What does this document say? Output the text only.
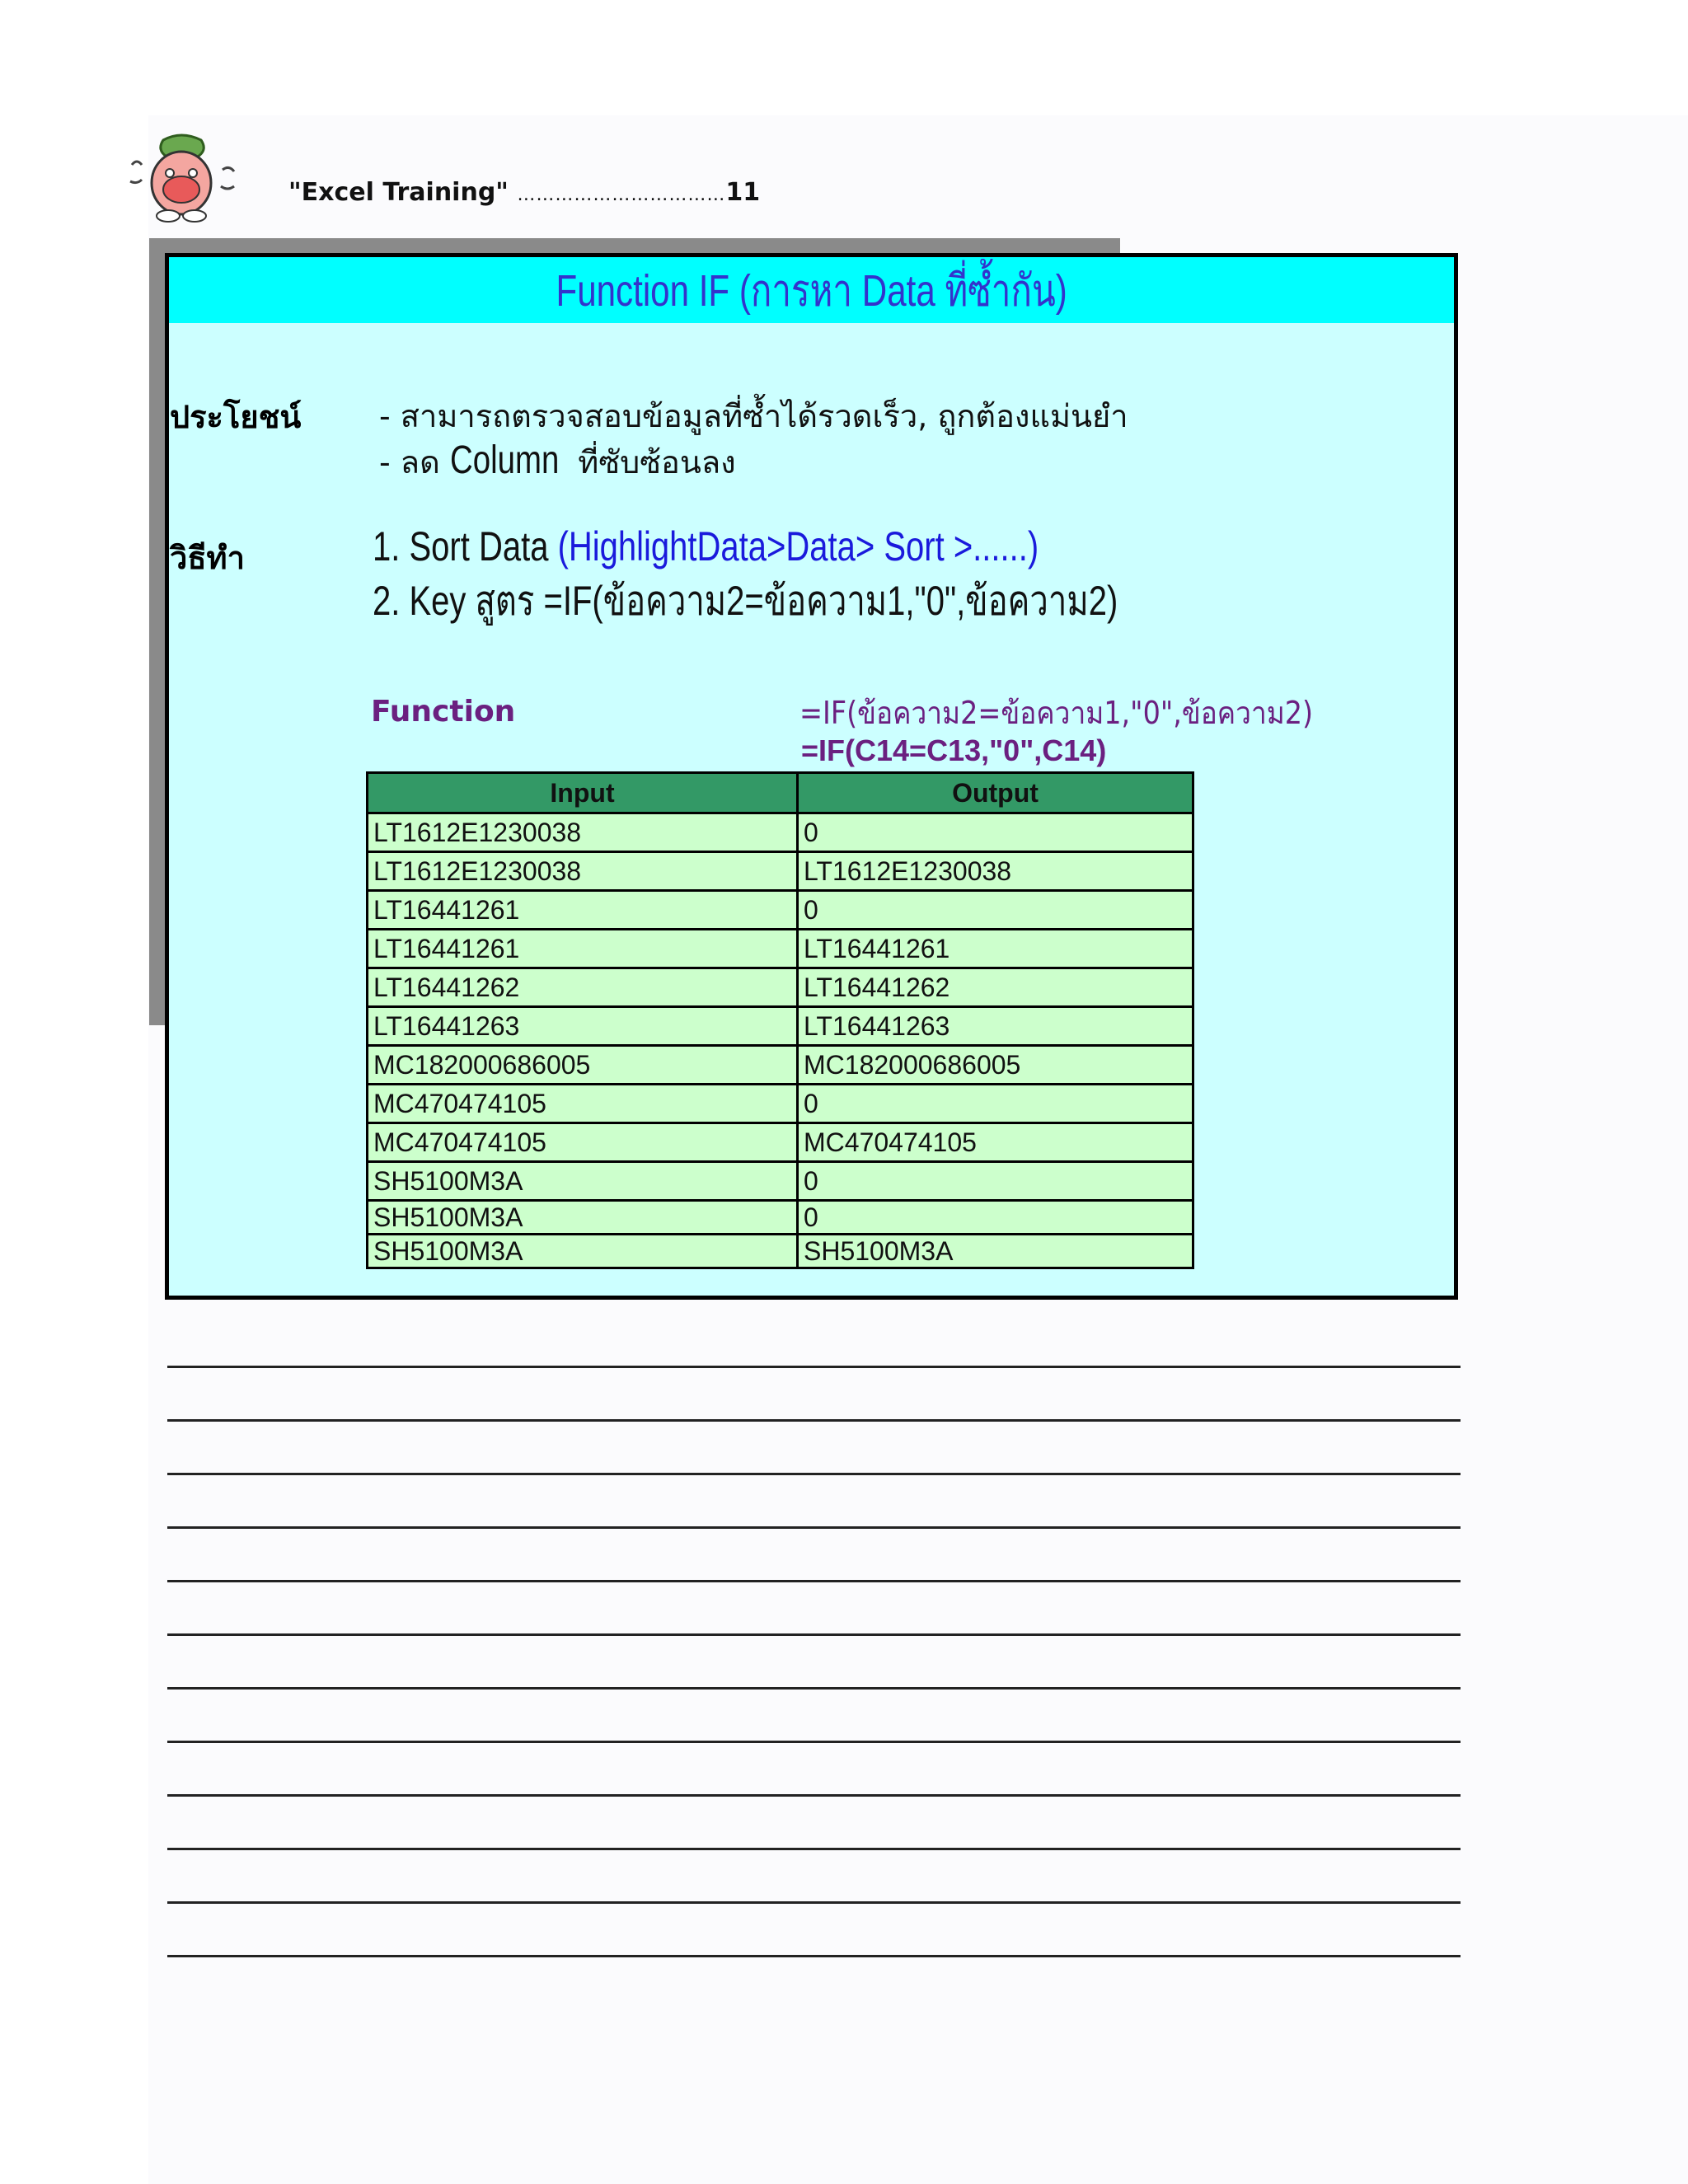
"Excel Training" ……………………………11
Function IF (การหา Data ที่ซ้ำกัน)
ประโยชน์ - สามารถตรวจสอบข้อมูลที่ซ้ำได้รวดเร็ว, ถูกต้องแม่นยำ
- ลด Column ที่ซับซ้อนลง
วิธีทำ	1. Sort Data (HighlightData>Data> Sort >......)
2. Key สูตร =IF(ข้อความ2=ข้อความ1,"0",ข้อความ2)
Function	=IF(ข้อความ2=ข้อความ1,"0",ข้อความ2)
=IF(C14=C13,"0",C14)
Input	Output
LT1612E1230038	0
LT1612E1230038	LT1612E1230038
LT16441261	0
LT16441261	LT16441261
LT16441262	LT16441262
LT16441263	LT16441263
MC182000686005	MC182000686005
MC470474105	0
MC470474105	MC470474105
SH5100M3A	0
SH5100M3A	0
SH5100M3A	SH5100M3A
